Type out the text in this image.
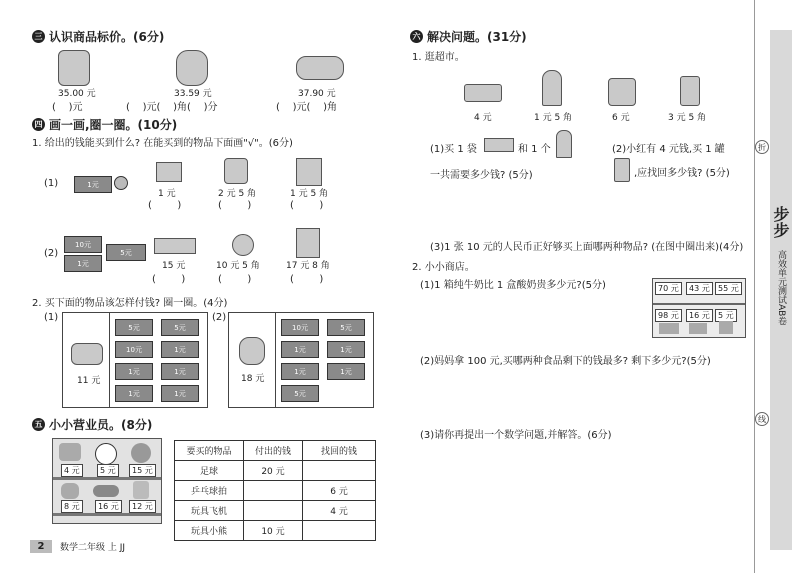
三 认识商品标价。(6分)
35.00 元	33.59 元	37.90 元
(    )元	(    )元(    )角(    )分	(    )元(    )角
四 画一画,圈一圈。(10分)
1. 给出的钱能买到什么? 在能买到的物品下面画"√"。(6分)
(1)	1元
1 元	2 元 5 角	1 元 5 角
(        )	(        )	(        )
(2)
10元
1元
5元
15 元	10 元 5 角	17 元 8 角
(        )	(        )	(        )
2. 买下面的物品该怎样付钱? 圈一圈。(4分)
(1)
11 元
5元	5元
10元	1元
1元	1元
1元	1元
(2)
18 元
10元	5元
1元	1元
1元	1元
5元
五 小小营业员。(8分)
4 元	5 元	15 元
8 元	16 元	12 元
要买的物品	付出的钱	找回的钱
足球	20 元	
乒乓球拍		6 元
玩具飞机		4 元
玩具小熊	10 元	
2	数学二年级 上 JJ
六 解决问题。(31分)
1. 逛超市。
4 元	1 元 5 角	6 元	3 元 5 角
(1)买 1 袋	和 1 个
一共需要多少钱? (5分)
(2)小红有 4 元钱,买 1 罐
,应找回多少钱? (5分)
(3)1 张 10 元的人民币正好够买上面哪两种物品? (在图中圈出来)(4分)
2. 小小商店。
(1)1 箱纯牛奶比 1 盒酸奶贵多少元?(5分)	70 元	43 元	55 元
98 元	16 元	5 元
(2)妈妈拿 100 元,买哪两种食品剩下的钱最多? 剩下多少元?(5分)
(3)请你再提出一个数学问题,并解答。(6分)
步步
高效单元测试AB卷
折
线
